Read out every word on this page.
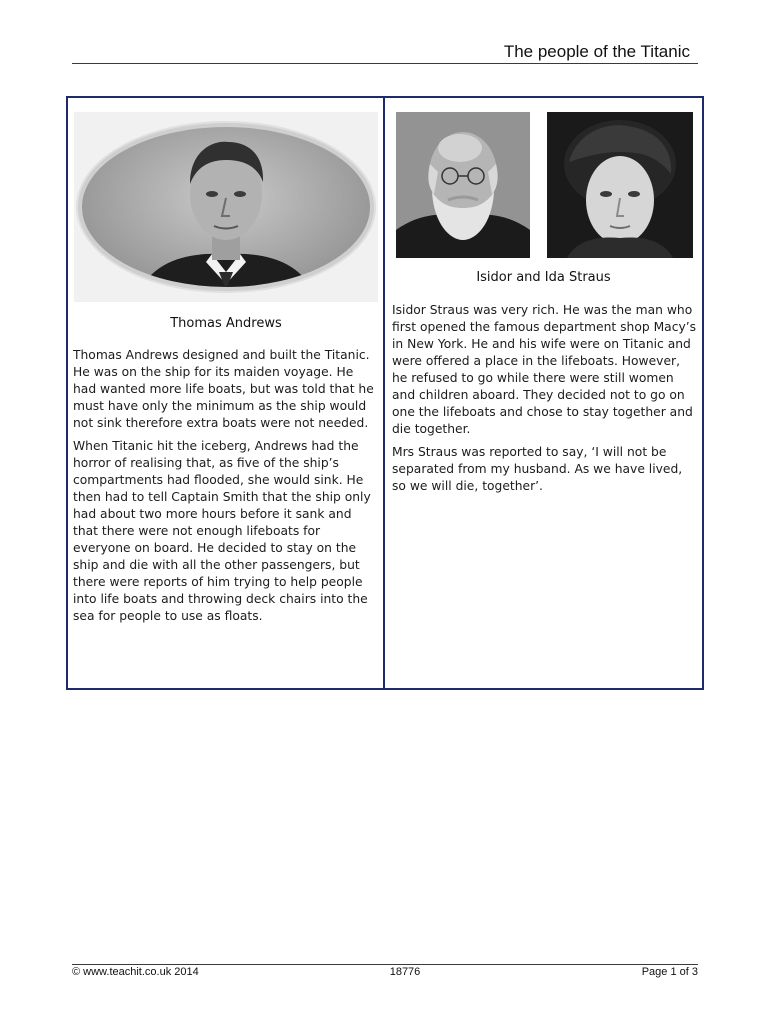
The people of the Titanic
Thomas Andrews

Thomas Andrews designed and built the Titanic. He was on the ship for its maiden voyage. He had wanted more life boats, but was told that he must have only the minimum as the ship would not sink therefore extra boats were not needed.

When Titanic hit the iceberg, Andrews had the horror of realising that, as five of the ship’s compartments had flooded, she would sink. He then had to tell Captain Smith that the ship only had about two more hours before it sank and that there were not enough lifeboats for everyone on board. He decided to stay on the ship and die with all the other passengers, but there were reports of him trying to help people into life boats and throwing deck chairs into the sea for people to use as floats.

Isidor and Ida Straus

Isidor Straus was very rich. He was the man who first opened the famous department shop Macy’s in New York. He and his wife were on Titanic and were offered a place in the lifeboats. However, he refused to go while there were still women and children aboard. They decided not to go on one the lifeboats and chose to stay together and die together.

Mrs Straus was reported to say, ‘I will not be separated from my husband. As we have lived, so we will die, together’.

© www.teachit.co.uk 2014	18776	Page 1 of 3
